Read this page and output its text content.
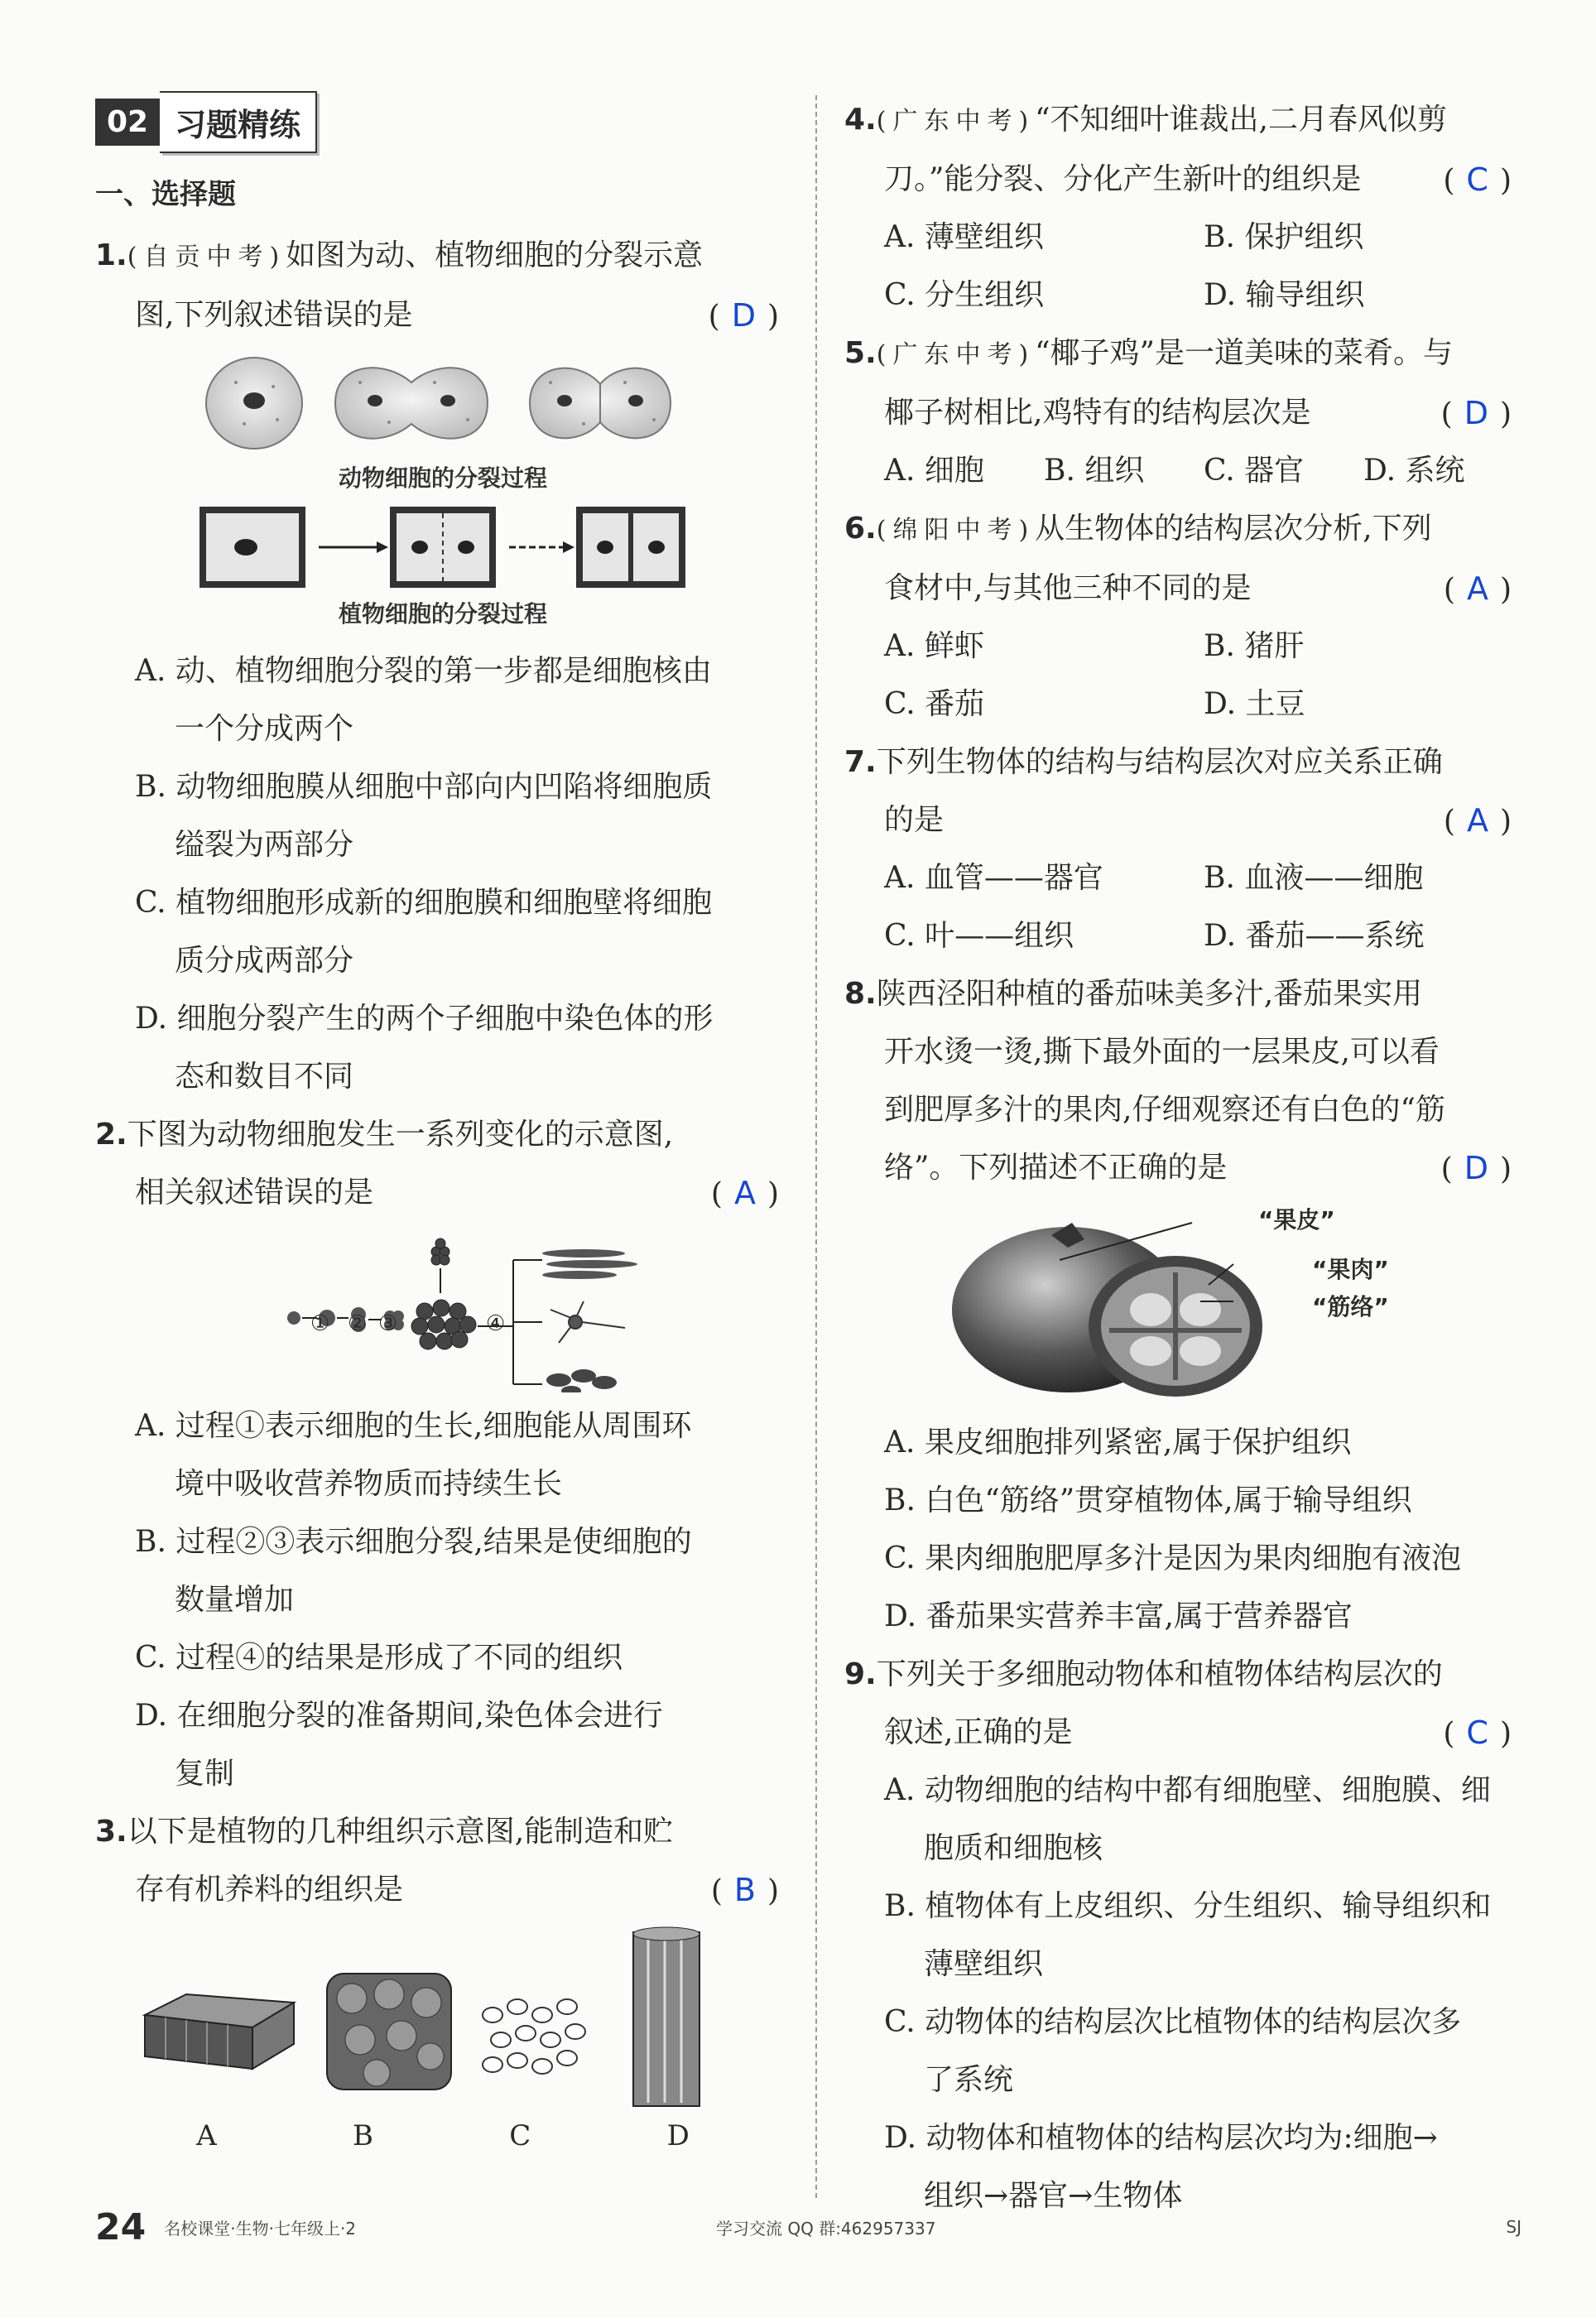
02 习题精练
一、选择题
1.(自贡中考)如图为动、植物细胞的分裂示意
图,下列叙述错误的是	(D)
动物细胞的分裂过程
植物细胞的分裂过程
A. 动、植物细胞分裂的第一步都是细胞核由
一个分成两个
B. 动物细胞膜从细胞中部向内凹陷将细胞质
缢裂为两部分
C. 植物细胞形成新的细胞膜和细胞壁将细胞
质分成两部分
D. 细胞分裂产生的两个子细胞中染色体的形
态和数目不同
2.下图为动物细胞发生一系列变化的示意图,
相关叙述错误的是	(A)
① ② ③	④
A. 过程①表示细胞的生长,细胞能从周围环
境中吸收营养物质而持续生长
B. 过程②③表示细胞分裂,结果是使细胞的
数量增加
C. 过程④的结果是形成了不同的组织
D. 在细胞分裂的准备期间,染色体会进行
复制
3.以下是植物的几种组织示意图,能制造和贮
存有机养料的组织是	(B)
A	B	C	D
4.(广东中考)“不知细叶谁裁出,二月春风似剪
刀。”能分裂、分化产生新叶的组织是	(C)
A. 薄壁组织	B. 保护组织
C. 分生组织	D. 输导组织
5.(广东中考)“椰子鸡”是一道美味的菜肴。与
椰子树相比,鸡特有的结构层次是	(D)
A. 细胞	B. 组织	C. 器官	D. 系统
6.(绵阳中考)从生物体的结构层次分析,下列
食材中,与其他三种不同的是	(A)
A. 鲜虾	B. 猪肝
C. 番茄	D. 土豆
7.下列生物体的结构与结构层次对应关系正确
的是	(A)
A. 血管——器官	B. 血液——细胞
C. 叶——组织	D. 番茄——系统
8.陕西泾阳种植的番茄味美多汁,番茄果实用
开水烫一烫,撕下最外面的一层果皮,可以看
到肥厚多汁的果肉,仔细观察还有白色的“筋
络”。下列描述不正确的是	(D)
“果皮”
“果肉”
“筋络”
A. 果皮细胞排列紧密,属于保护组织
B. 白色“筋络”贯穿植物体,属于输导组织
C. 果肉细胞肥厚多汁是因为果肉细胞有液泡
D. 番茄果实营养丰富,属于营养器官
9.下列关于多细胞动物体和植物体结构层次的
叙述,正确的是	(C)
A. 动物细胞的结构中都有细胞壁、细胞膜、细
胞质和细胞核
B. 植物体有上皮组织、分生组织、输导组织和
薄壁组织
C. 动物体的结构层次比植物体的结构层次多
了系统
D. 动物体和植物体的结构层次均为:细胞→
组织→器官→生物体
24 名校课堂·生物·七年级上·2	学习交流 QQ 群:462957337	SJ
